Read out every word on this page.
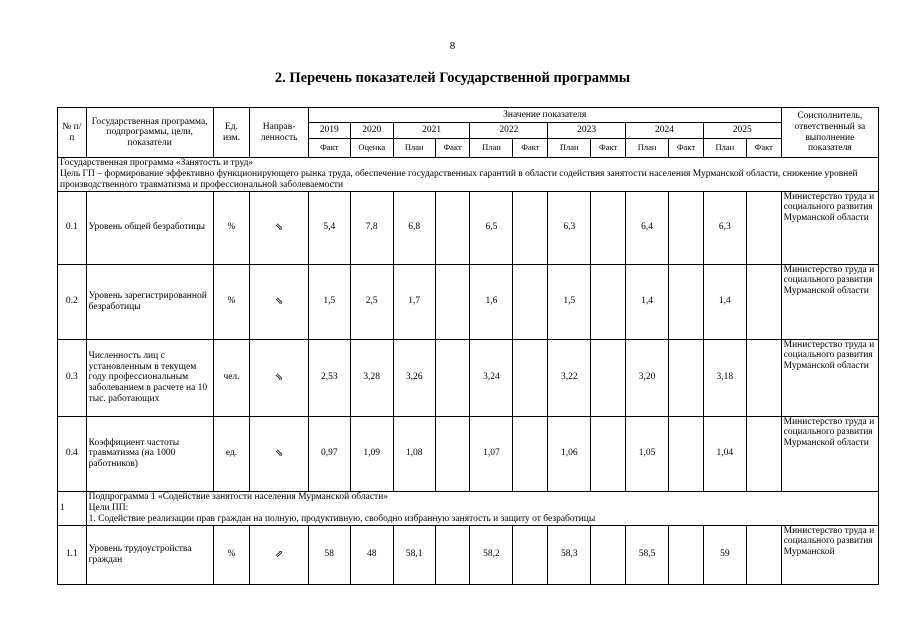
8
2. Перечень показателей Государственной программы
№ п/п	Государственная программа, подпрограммы, цели, показатели	Ед. изм.	Направ-ленность	Значение показателя												Соисполнитель, ответственный за выполнение показателя
				2019	2020	2021		2022		2023		2024		2025		
				Факт	Оценка	План	Факт	План	Факт	План	Факт	План	Факт	План	Факт	

Государственная программа «Занятость и труд»
Цель ГП – формирование эффективно функционирующего рынка труда, обеспечение государственных гарантий в области содействия занятости населения Мурманской области, снижение уровней производственного травматизма и профессиональной заболеваемости																

0.1	Уровень общей безработицы	%	⇘	5,4	7,8	6,8		6,5		6,3		6,4		6,3		Министерство труда и социального развития Мурманской области
0.2	Уровень зарегистрированной безработицы	%	⇘	1,5	2,5	1,7		1,6		1,5		1,4		1,4		Министерство труда и социального развития Мурманской области
0.3	Численность лиц с установленным в текущем году профессиональным заболеванием в расчете на 10 тыс. работающих	чел.	⇘	2,53	3,28	3,26		3,24		3,22		3,20		3,18		Министерство труда и социального развития Мурманской области
0.4	Коэффициент частоты травматизма (на 1000 работников)	ед.	⇘	0,97	1,09	1,08		1,07		1,06		1,05		1,04		Министерство труда и социального развития Мурманской области
1	Подпрограмма 1 «Содействие занятости населения Мурманской области»
Цели ПП:
1. Содействие реализации прав граждан на полную, продуктивную, свободно избранную занятость и защиту от безработицы															

1.1	Уровень трудоустройства граждан	%	⇗	58	48	58,1		58,2		58,3		58,5		59		Министерство труда и социального развития Мурманской
